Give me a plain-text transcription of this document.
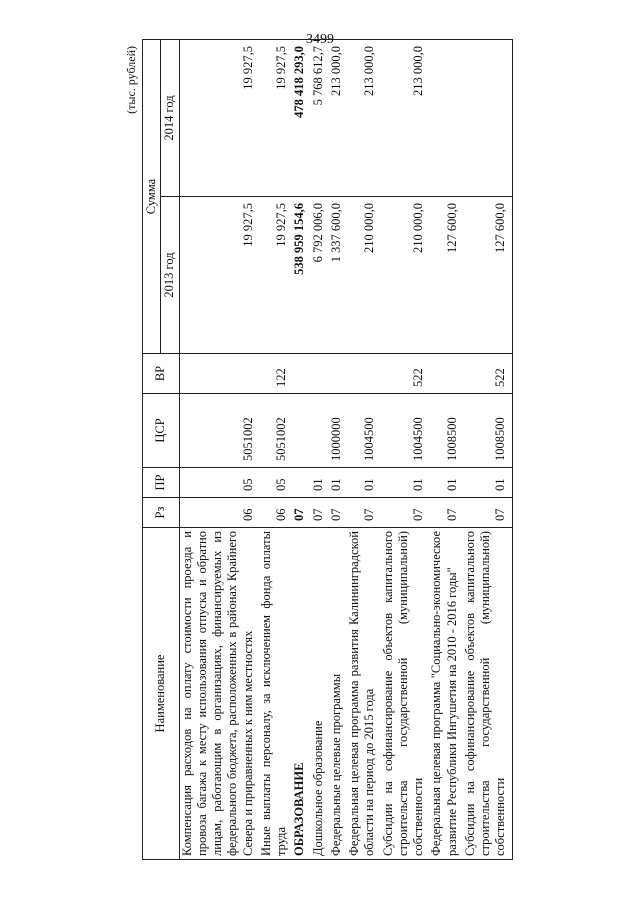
3499
(тыс. рублей)
Наименование	Рз	ПР	ЦСР	ВР	Сумма	
					2013 год	2014 год
Компенсация расходов на оплату стоимости проезда и провоза багажа к месту использования отпуска и обратно лицам, работающим в организациях, финансируемых из федерального бюджета, расположенных в районах Крайнего Севера и приравненных к ним местностях	06	05	5051002		19 927,5	19 927,5
Иные выплаты персоналу, за исключением фонда оплаты труда	06	05	5051002	122	19 927,5	19 927,5
ОБРАЗОВАНИЕ	07				538 959 154,6	478 418 293,0
Дошкольное образование	07	01			6 792 006,0	5 768 612,7
Федеральные целевые программы	07	01	1000000		1 337 600,0	213 000,0
Федеральная целевая программа развития Калининградской области на период до 2015 года	07	01	1004500		210 000,0	213 000,0
Субсидии на софинансирование объектов капитального строительства государственной (муниципальной) собственности	07	01	1004500	522	210 000,0	213 000,0
Федеральная целевая программа "Социально-экономическое развитие Республики Ингушетия на 2010 - 2016 годы"	07	01	1008500		127 600,0	
Субсидии на софинансирование объектов капитального строительства государственной (муниципальной) собственности	07	01	1008500	522	127 600,0	
